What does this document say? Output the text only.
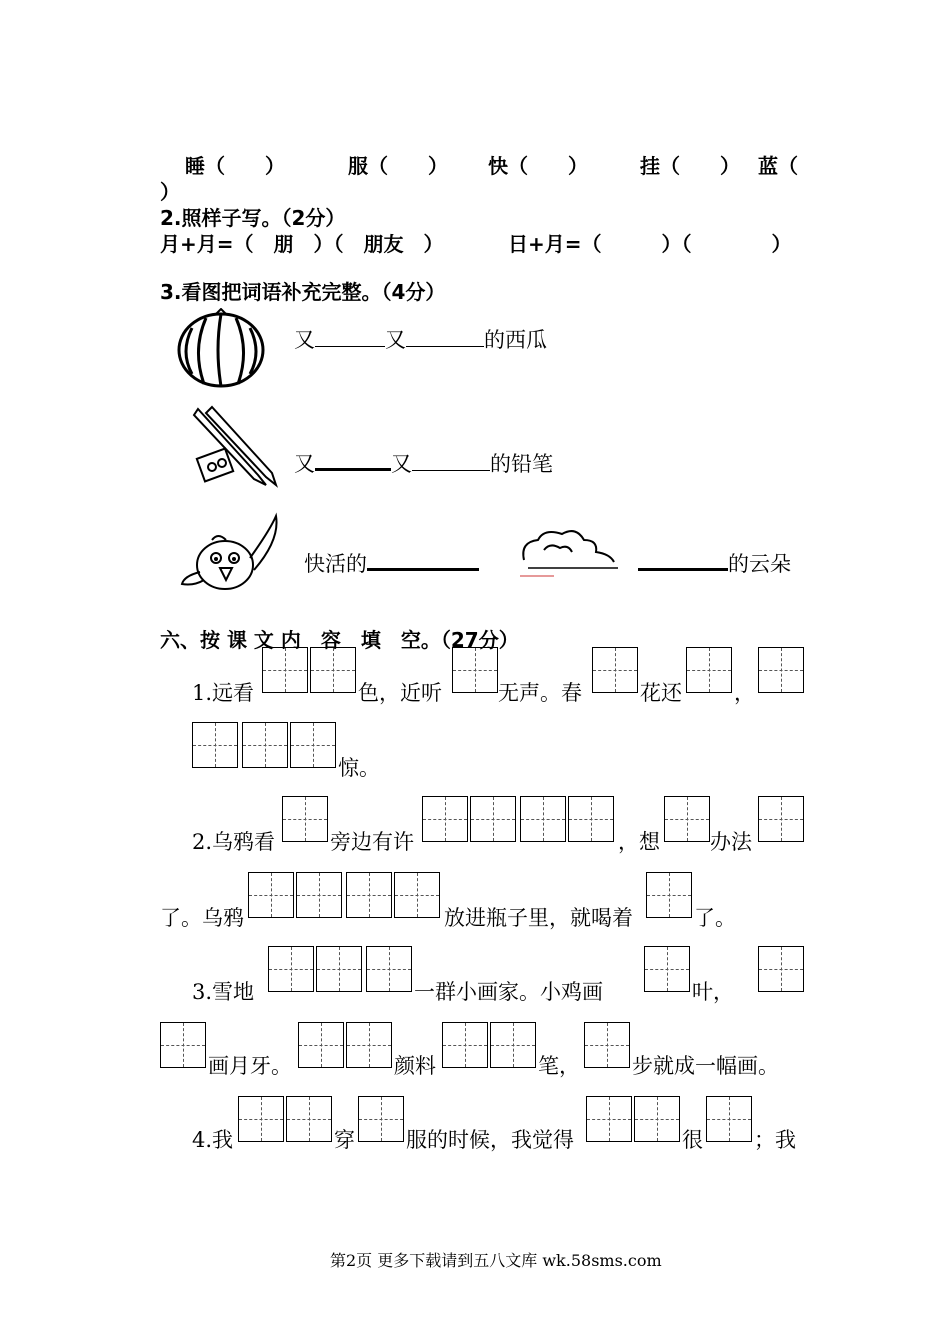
睡（　　）	服（　　） 快（　　）	挂（　　） 蓝（
）
2.照样子写。（2分）
月+月=（　朋　）（　朋友　）	日+月=（　　　）（　　　　）
3.看图把词语补充完整。（4分）
又	又	的西瓜
又	又	的铅笔
快活的	的云朵
六、按 课 文 内　容　填　空。（27分）
1.远看	色，近听	无声。春	花还 ，
惊。
2.乌鸦看	旁边有许	，想 办法
了。乌鸦	放进瓶子里，就喝着	了。
3.雪地	一群小画家。小鸡画	叶，
画月牙。	颜料	笔， 步就成一幅画。
4.我	穿 服的时候，我觉得	很 ；我
第2页 更多下载请到五八文库 wk.58sms.com
